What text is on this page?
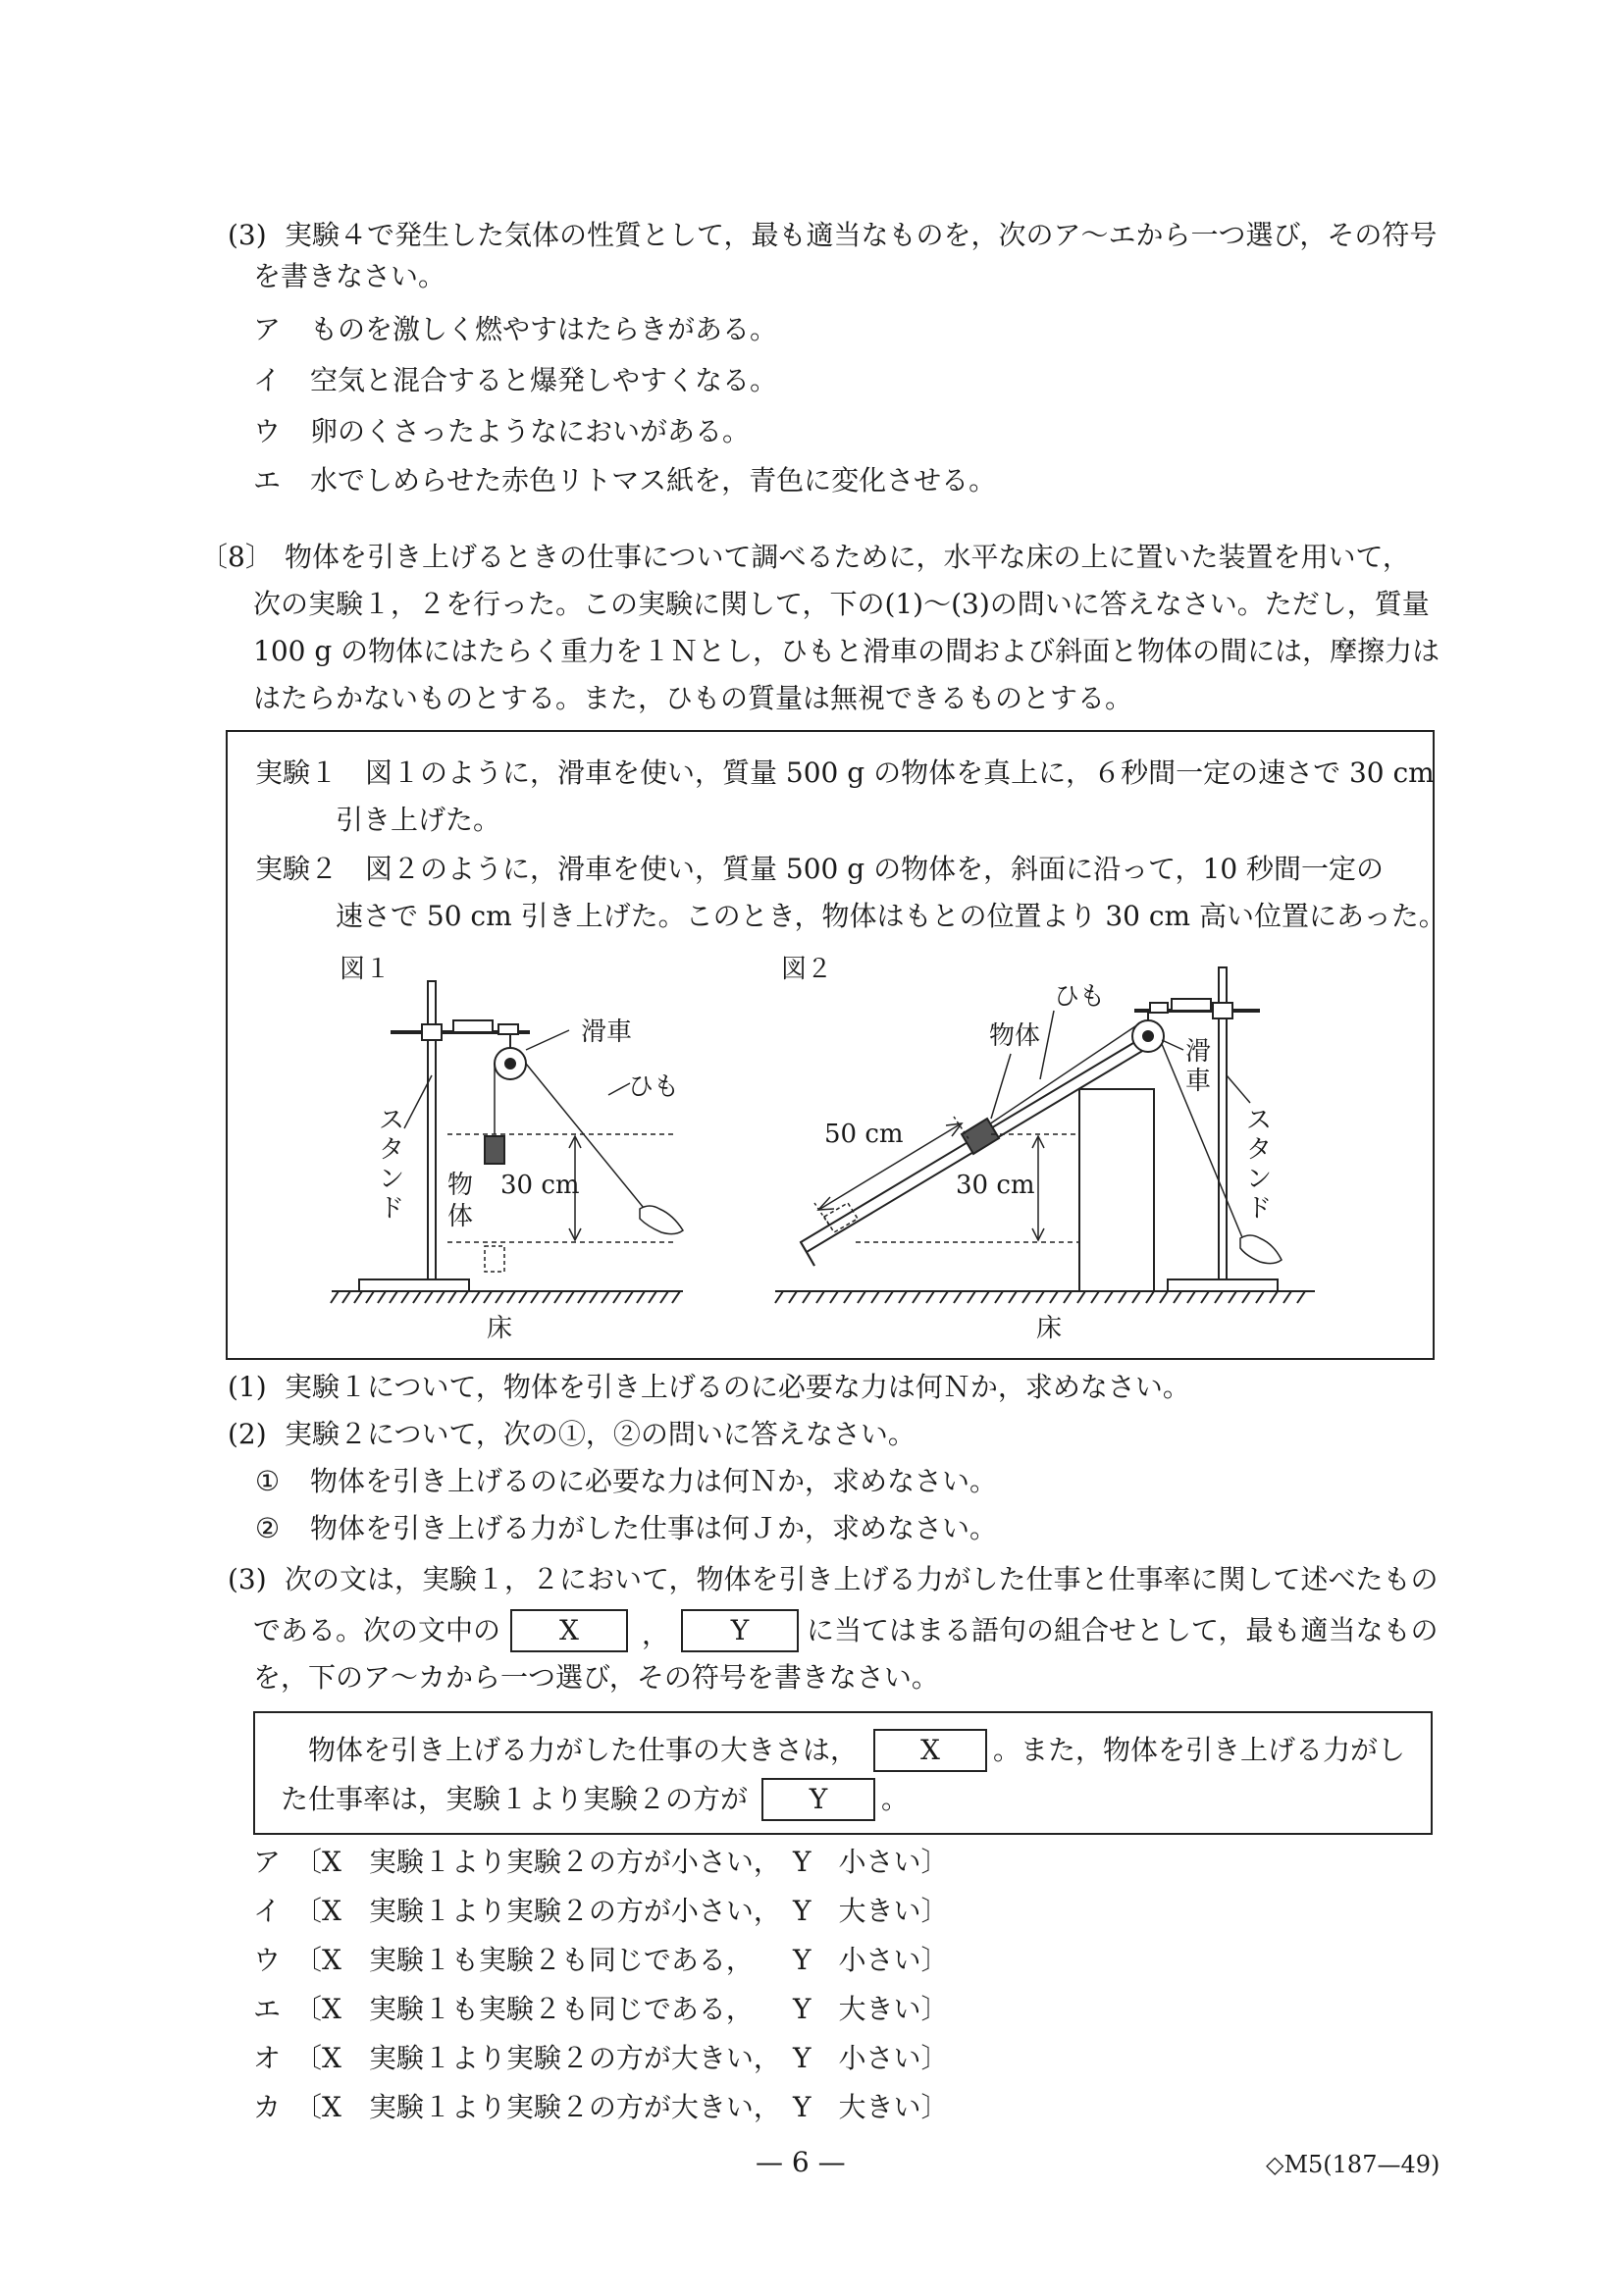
(3) 実験４で発生した気体の性質として，最も適当なものを，次のア～エから一つ選び，その符号
を書きなさい。
ア ものを激しく燃やすはたらきがある。
イ 空気と混合すると爆発しやすくなる。
ウ 卵のくさったようなにおいがある。
エ 水でしめらせた赤色リトマス紙を，青色に変化させる。
〔8〕 物体を引き上げるときの仕事について調べるために，水平な床の上に置いた装置を用いて，
次の実験１，２を行った。この実験に関して，下の(1)～(3)の問いに答えなさい。ただし，質量
100 g の物体にはたらく重力を１Ｎとし，ひもと滑車の間および斜面と物体の間には，摩擦力は
はたらかないものとする。また，ひもの質量は無視できるものとする。
実験１ 図１のように，滑車を使い，質量 500 g の物体を真上に，６秒間一定の速さで 30 cm
引き上げた。
実験２ 図２のように，滑車を使い，質量 500 g の物体を，斜面に沿って，10 秒間一定の
速さで 50 cm 引き上げた。このとき，物体はもとの位置より 30 cm 高い位置にあった。
図１
床
ス
タ
ン
ド
滑車
ひも
物
体
30 cm
図２
床
ひも
物体
滑
車
ス
タ
ン
ド
50 cm
30 cm
(1) 実験１について，物体を引き上げるのに必要な力は何Ｎか，求めなさい。
(2) 実験２について，次の①，②の問いに答えなさい。
① 物体を引き上げるのに必要な力は何Ｎか，求めなさい。
② 物体を引き上げる力がした仕事は何Ｊか，求めなさい。
(3) 次の文は，実験１，２において，物体を引き上げる力がした仕事と仕事率に関して述べたもの
である。次の文中の	X	，	Y	に当てはまる語句の組合せとして，最も適当なもの
を，下のア～カから一つ選び，その符号を書きなさい。
物体を引き上げる力がした仕事の大きさは，	X	。また，物体を引き上げる力がし
た仕事率は，実験１より実験２の方が	Y	。
ア 〔X　実験１より実験２の方が小さい， Y　小さい〕
イ 〔X　実験１より実験２の方が小さい， Y　大きい〕
ウ 〔X　実験１も実験２も同じである， Y　小さい〕
エ 〔X　実験１も実験２も同じである， Y　大きい〕
オ 〔X　実験１より実験２の方が大きい， Y　小さい〕
カ 〔X　実験１より実験２の方が大きい， Y　大きい〕
— 6 —	◇M5(187—49)
